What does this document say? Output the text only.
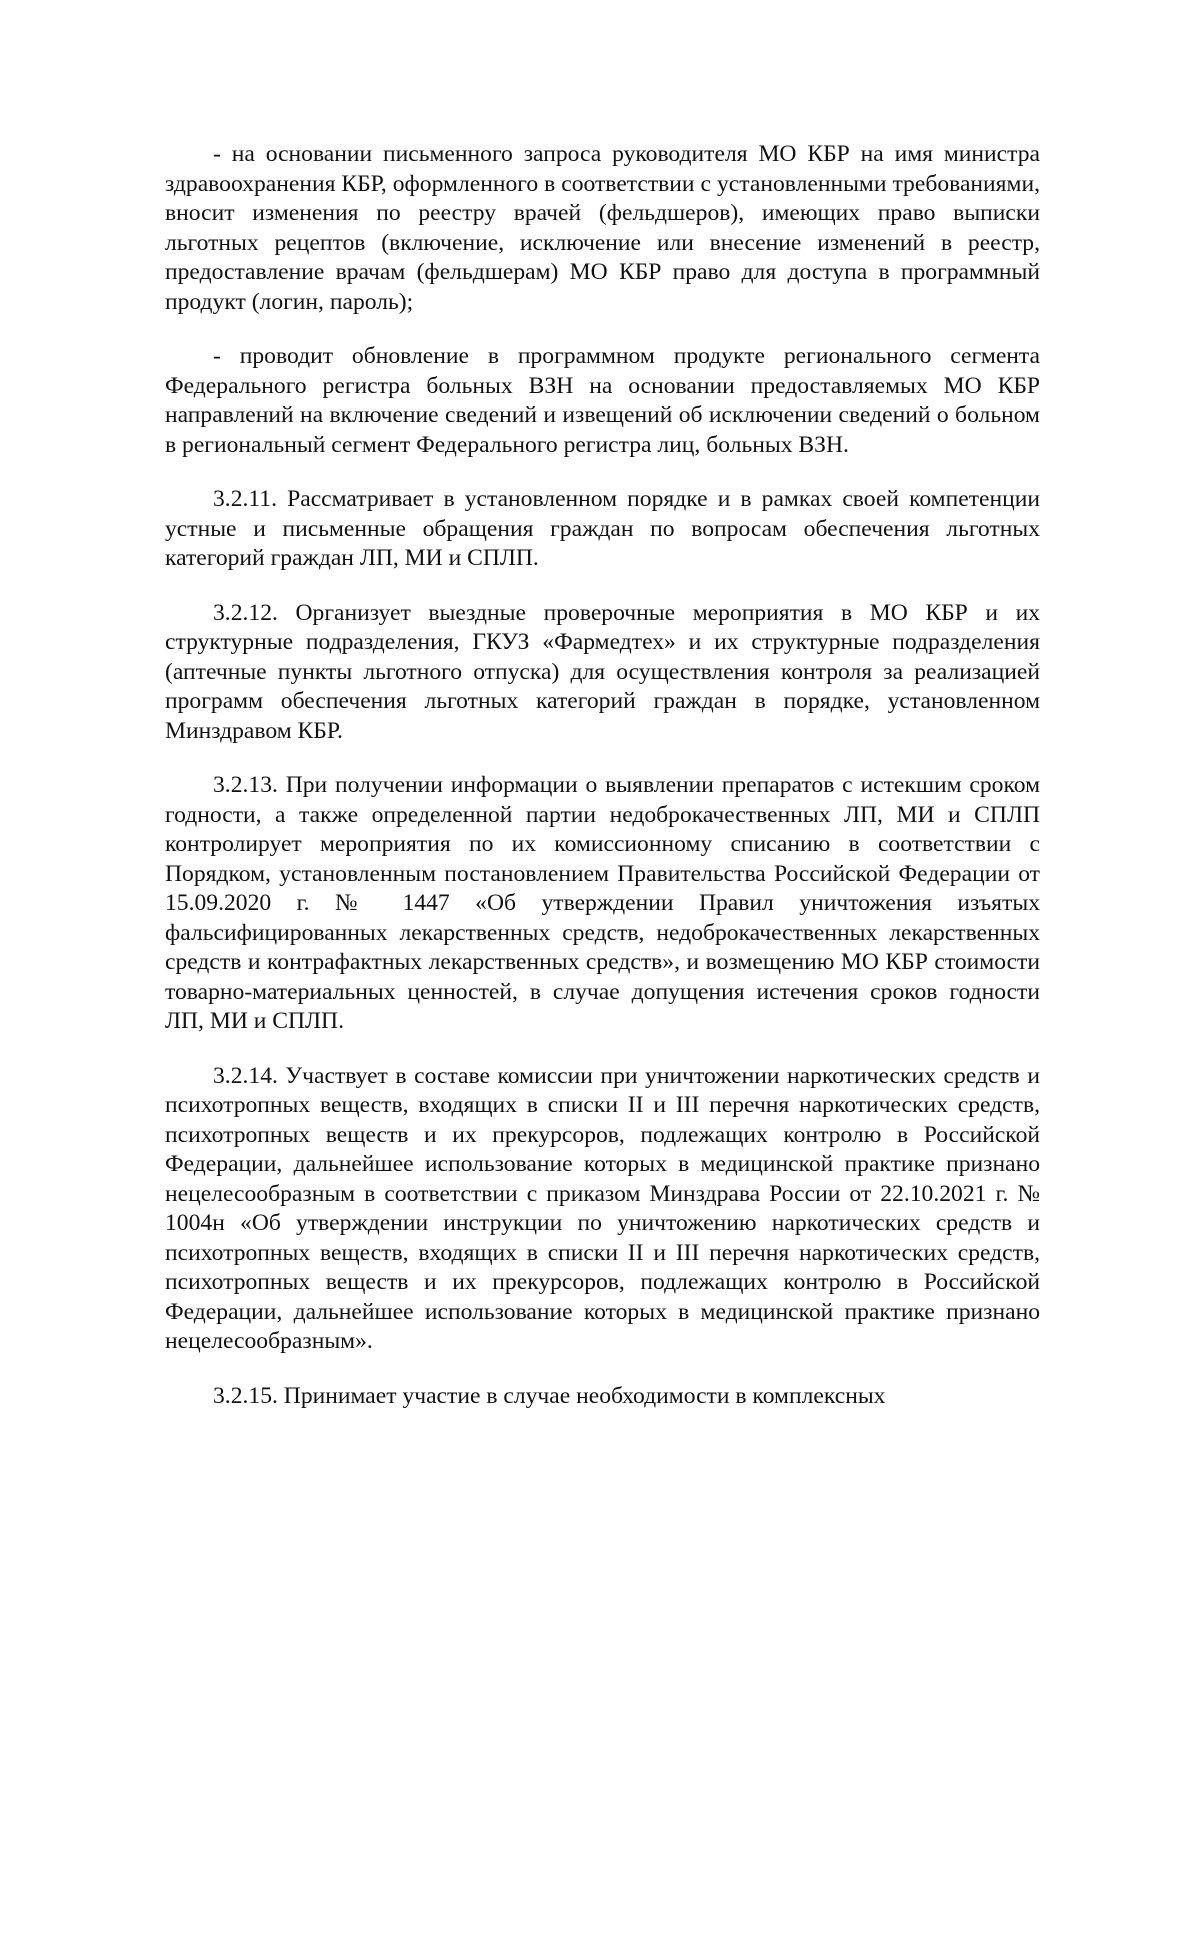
- на основании письменного запроса руководителя МО КБР на имя министра здравоохранения КБР, оформленного в соответствии с установленными требованиями, вносит изменения по реестру врачей (фельдшеров), имеющих право выписки льготных рецептов (включение, исключение или внесение изменений в реестр, предоставление врачам (фельдшерам) МО КБР право для доступа в программный продукт (логин, пароль);

- проводит обновление в программном продукте регионального сегмента Федерального регистра больных ВЗН на основании предоставляемых МО КБР направлений на включение сведений и извещений об исключении сведений о больном в региональный сегмент Федерального регистра лиц, больных ВЗН.

3.2.11. Рассматривает в установленном порядке и в рамках своей компетенции устные и письменные обращения граждан по вопросам обеспечения льготных категорий граждан ЛП, МИ и СПЛП.

3.2.12. Организует выездные проверочные мероприятия в МО КБР и их структурные подразделения, ГКУЗ «Фармедтех» и их структурные подразделения (аптечные пункты льготного отпуска) для осуществления контроля за реализацией программ обеспечения льготных категорий граждан в порядке, установленном Минздравом КБР.

3.2.13. При получении информации о выявлении препаратов с истекшим сроком годности, а также определенной партии недоброкачественных ЛП, МИ и СПЛП контролирует мероприятия по их комиссионному списанию в соответствии с Порядком, установленным постановлением Правительства Российской Федерации от 15.09.2020 г. № 1447 «Об утверждении Правил уничтожения изъятых фальсифицированных лекарственных средств, недоброкачественных лекарственных средств и контрафактных лекарственных средств», и возмещению МО КБР стоимости товарно-материальных ценностей, в случае допущения истечения сроков годности ЛП, МИ и СПЛП.

3.2.14. Участвует в составе комиссии при уничтожении наркотических средств и психотропных веществ, входящих в списки II и III перечня наркотических средств, психотропных веществ и их прекурсоров, подлежащих контролю в Российской Федерации, дальнейшее использование которых в медицинской практике признано нецелесообразным в соответствии с приказом Минздрава России от 22.10.2021 г. № 1004н «Об утверждении инструкции по уничтожению наркотических средств и психотропных веществ, входящих в списки II и III перечня наркотических средств, психотропных веществ и их прекурсоров, подлежащих контролю в Российской Федерации, дальнейшее использование которых в медицинской практике признано нецелесообразным».

3.2.15. Принимает участие в случае необходимости в комплексных
